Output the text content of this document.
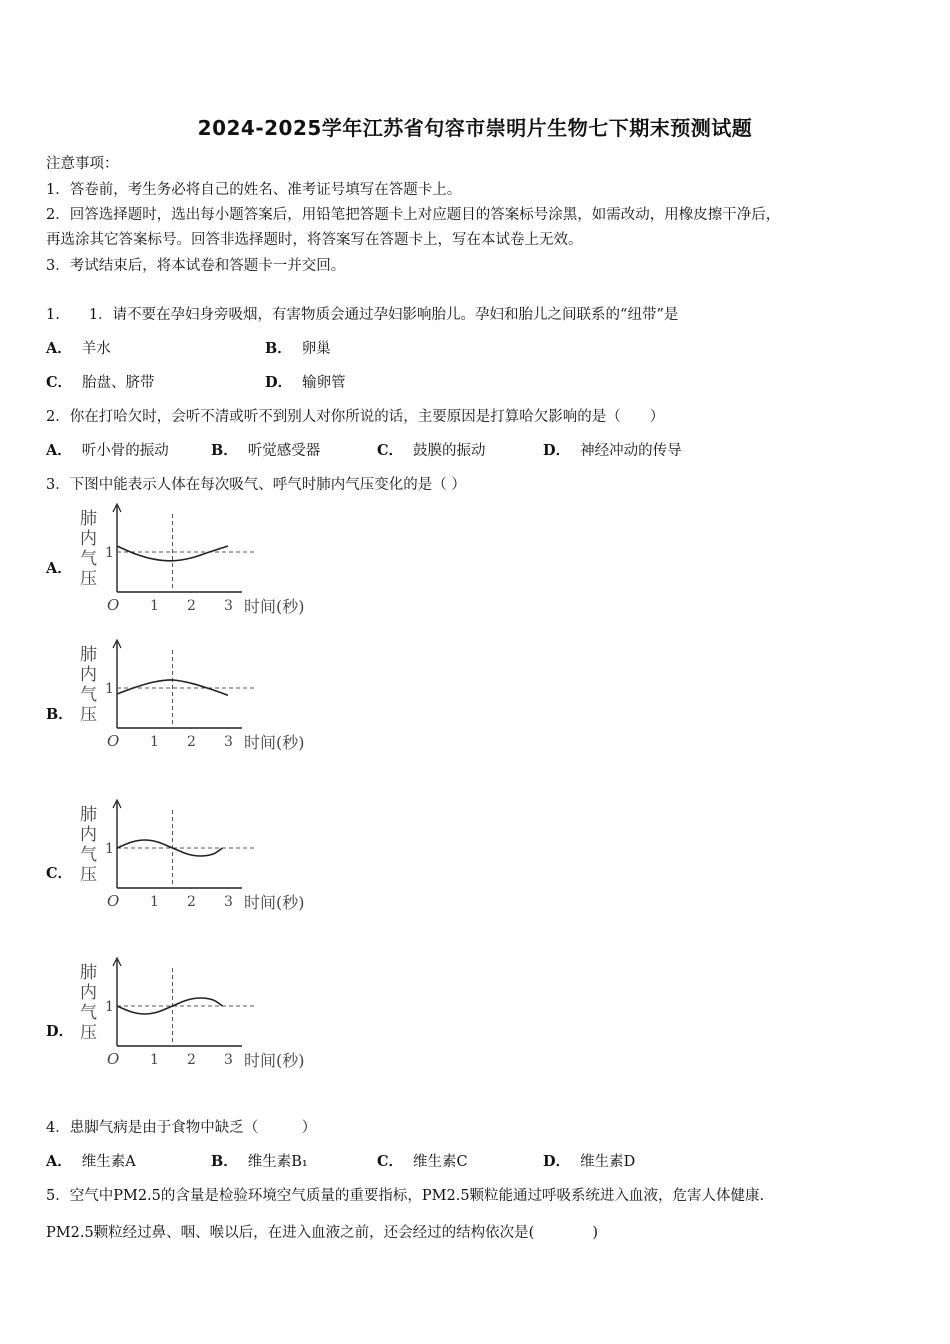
2024-2025学年江苏省句容市崇明片生物七下期末预测试题
注意事项：
1．答卷前，考生务必将自己的姓名、准考证号填写在答题卡上。
2．回答选择题时，选出每小题答案后，用铅笔把答题卡上对应题目的答案标号涂黑，如需改动，用橡皮擦干净后，
再选涂其它答案标号。回答非选择题时，将答案写在答题卡上，写在本试卷上无效。
3．考试结束后，将本试卷和答题卡一并交回。
1.　　1．请不要在孕妇身旁吸烟，有害物质会通过孕妇影响胎儿。孕妇和胎儿之间联系的“纽带”是
A． 羊水	B． 卵巢
C． 胎盘、脐带	D． 输卵管
2．你在打哈欠时，会听不清或听不到别人对你所说的话，主要原因是打算哈欠影响的是（　　）
A． 听小骨的振动	B． 听觉感受器	C． 鼓膜的振动	D． 神经冲动的传导
3．下图中能表示人体在每次吸气、呼气时肺内气压变化的是（ ）
A．
B．
C．
D．
肺
内
气
压
1
O 1 2 3 时间(秒)
肺
内
气
压
1
O 1 2 3 时间(秒)
肺
内
气
压
1
O 1 2 3 时间(秒)
肺
内
气
压
1
O 1 2 3 时间(秒)
4．患脚气病是由于食物中缺乏（　　　）
A． 维生素A	B． 维生素B₁	C． 维生素C	D． 维生素D
5．空气中PM2.5的含量是检验环境空气质量的重要指标，PM2.5颗粒能通过呼吸系统进入血液，危害人体健康.
PM2.5颗粒经过鼻、咽、喉以后，在进入血液之前，还会经过的结构依次是(　　　　)
